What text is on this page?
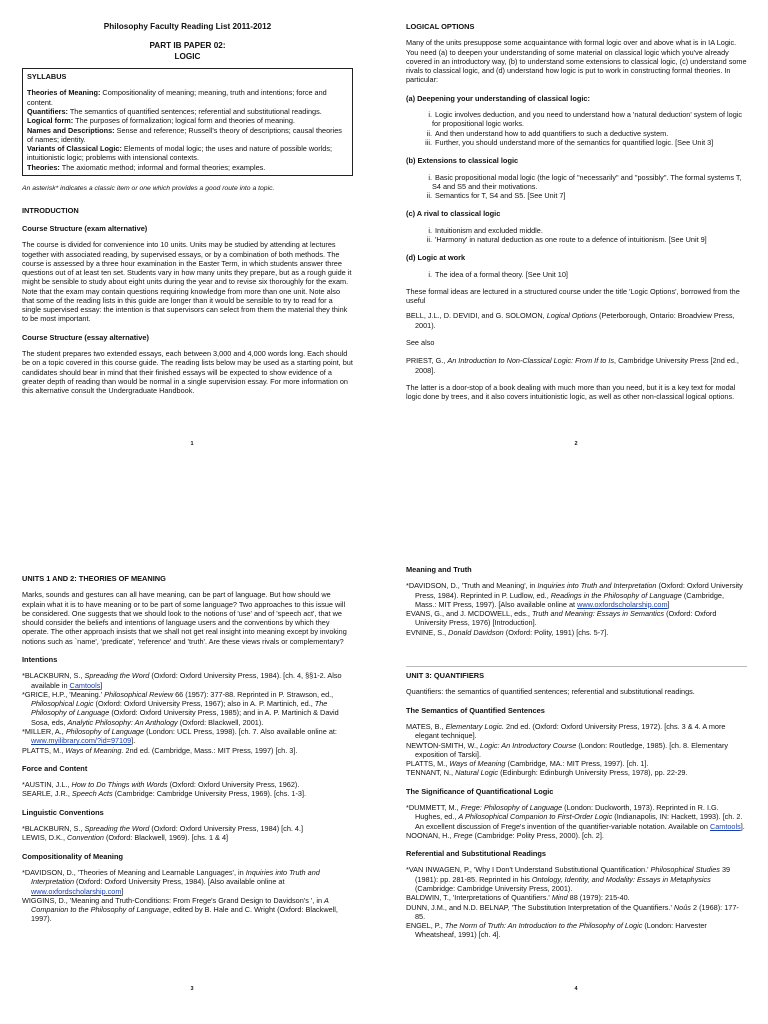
Philosophy Faculty Reading List 2011-2012
PART IB PAPER 02:
LOGIC
SYLLABUS
Theories of Meaning: Compositionality of meaning; meaning, truth and intentions; force and content.
Quantifiers: The semantics of quantified sentences; referential and substitutional readings.
Logical form: The purposes of formalization; logical form and theories of meaning.
Names and Descriptions: Sense and reference; Russell's theory of descriptions; causal theories of names; identity.
Variants of Classical Logic: Elements of modal logic; the uses and nature of possible worlds; intuitionistic logic; problems with intensional contexts.
Theories: The axiomatic method; informal and formal theories; examples.
An asterisk* indicates a classic item or one which provides a good route into a topic.
INTRODUCTION
Course Structure (exam alternative)

The course is divided for convenience into 10 units. Units may be studied by attending at lectures together with associated reading, by supervised essays, or by a combination of both methods. The course is assessed by a three hour examination in the Easter Term, in which students answer three questions out of at least ten set. Students vary in how many units they prepare, but as a rough guide it might be sensible to study about eight units during the year and to revise six thoroughly for the exam. Note that the exam may contain questions requiring knowledge from more than one unit. Note also that some of the reading lists in this guide are longer than it would be sensible to try to read for a single supervised essay: the intention is that supervisors can select from them the material they think to be most important.

Course Structure (essay alternative)

The student prepares two extended essays, each between 3,000 and 4,000 words long. Each should be on a topic covered in this course guide. The reading lists below may be used as a starting point, but candidates should bear in mind that their finished essays will be expected to show evidence of a greater depth of reading than would be normal in a single supervision essay. For more information on this alternative consult the Undergraduate Handbook.

1
LOGICAL OPTIONS

Many of the units presuppose some acquaintance with formal logic over and above what is in IA Logic. You need (a) to deepen your understanding of some material on classical logic which you've already covered in an introductory way, (b) to understand some extensions to classical logic, (c) understand some rivals to classical logic, and (d) understand how logic is put to work in constructing formal theories. In particular:

(a) Deepening your understanding of classical logic:
i. Logic involves deduction, and you need to understand how a 'natural deduction' system of logic for propositional logic works.
ii. And then understand how to add quantifiers to such a deductive system.
iii. Further, you should understand more of the semantics for quantified logic. [See Unit 3]
(b) Extensions to classical logic
i. Basic propositional modal logic (the logic of "necessarily" and "possibly". The formal systems T, S4 and S5 and their motivations.
ii. Semantics for T, S4 and S5. [See Unit 7]
(c) A rival to classical logic
i. Intuitionism and excluded middle.
ii. 'Harmony' in natural deduction as one route to a defence of intuitionism. [See Unit 9]
(d) Logic at work
i. The idea of a formal theory. [See Unit 10]

These formal ideas are lectured in a structured course under the title 'Logic Options', borrowed from the useful

BELL, J.L., D. DEVIDI, and G. SOLOMON, Logical Options (Peterborough, Ontario: Broadview Press, 2001).

See also

PRIEST, G., An Introduction to Non-Classical Logic: From If to Is, Cambridge University Press [2nd ed., 2008].

The latter is a door-stop of a book dealing with much more than you need, but it is a key text for modal logic done by trees, and it also covers intuitionistic logic, as well as other non-classical logical options.

2
UNITS 1 AND 2: THEORIES OF MEANING

Marks, sounds and gestures can all have meaning, can be part of language. But how should we explain what it is to have meaning or to be part of some language? Two approaches to this issue will be considered. One suggests that we should look to the notions of 'use' and of 'speech act', that we should consider the beliefs and intentions of language users and the conventions by which they operate. The other approach insists that we shall not get real insight into meaning except by invoking notions such as `name', 'predicate', 'reference' and 'truth'. Are these views rivals or complementary?

Intentions

*BLACKBURN, S., Spreading the Word (Oxford: Oxford University Press, 1984). [ch. 4, §§1-2. Also available in Camtools]

*GRICE, H.P., 'Meaning.' Philosophical Review 66 (1957): 377-88. Reprinted in P. Strawson, ed., Philosophical Logic (Oxford: Oxford University Press, 1967); also in A. P. Martinich, ed., The Philosophy of Language (Oxford: Oxford University Press, 1985); and in A. P. Martinich & David Sosa, eds, Analytic Philosophy: An Anthology (Oxford: Blackwell, 2001).

*MILLER, A., Philosophy of Language (London: UCL Press, 1998). [ch. 7. Also available online at: www.myilibrary.com/?id=97109].

PLATTS, M., Ways of Meaning. 2nd ed. (Cambridge, Mass.: MIT Press, 1997) [ch. 3].

Force and Content

*AUSTIN, J.L., How to Do Things with Words (Oxford: Oxford University Press, 1962).

SEARLE, J.R., Speech Acts (Cambridge: Cambridge University Press, 1969). [chs. 1-3].

Linguistic Conventions

*BLACKBURN, S., Spreading the Word (Oxford: Oxford University Press, 1984) [ch. 4.]

LEWIS, D.K., Convention (Oxford: Blackwell, 1969). [chs. 1 & 4]

Compositionality of Meaning

*DAVIDSON, D., 'Theories of Meaning and Learnable Languages', in Inquiries into Truth and Interpretation (Oxford: Oxford University Press, 1984). [Also available online at www.oxfordscholarship.com]

WIGGINS, D., 'Meaning and Truth-Conditions: From Frege's Grand Design to Davidson's ', in A Companion to the Philosophy of Language, edited by B. Hale and C. Wright (Oxford: Blackwell, 1997).

3
Meaning and Truth

*DAVIDSON, D., 'Truth and Meaning', in Inquiries into Truth and Interpretation (Oxford: Oxford University Press, 1984). Reprinted in P. Ludlow, ed., Readings in the Philosophy of Language (Cambridge, Mass.: MIT Press, 1997). [Also available online at www.oxfordscholarship.com]

EVANS, G., and J. MCDOWELL, eds., Truth and Meaning: Essays in Semantics (Oxford: Oxford University Press, 1976) [Introduction].

EVNINE, S., Donald Davidson (Oxford: Polity, 1991) [chs. 5-7].

UNIT 3: QUANTIFIERS

Quantifiers: the semantics of quantified sentences; referential and substitutional readings.

The Semantics of Quantified Sentences

MATES, B., Elementary Logic. 2nd ed. (Oxford: Oxford University Press, 1972). [chs. 3 & 4. A more elegant technique].

NEWTON-SMITH, W., Logic: An Introductory Course (London: Routledge, 1985). [ch. 8. Elementary exposition of Tarski].

PLATTS, M., Ways of Meaning (Cambridge, MA.: MIT Press, 1997). [ch. 1].

TENNANT, N., Natural Logic (Edinburgh: Edinburgh University Press, 1978), pp. 22-29.

The Significance of Quantificational Logic

*DUMMETT, M., Frege: Philosophy of Language (London: Duckworth, 1973). Reprinted in R. I.G. Hughes, ed., A Philosophical Companion to First-Order Logic (Indianapolis, IN: Hackett, 1993). [ch. 2. An excellent discussion of Frege's invention of the quantifier-variable notation. Available on Camtools].

NOONAN, H., Frege (Cambridge: Polity Press, 2000). [ch. 2].

Referential and Substitutional Readings

*VAN INWAGEN, P., 'Why I Don't Understand Substitutional Quantification.' Philosophical Studies 39 (1981): pp. 281-85. Reprinted in his Ontology, Identity, and Modality: Essays in Metaphysics (Cambridge: Cambridge University Press, 2001).

BALDWIN, T., 'Interpretations of Quantifiers.' Mind 88 (1979): 215-40.

DUNN, J.M., and N.D. BELNAP, 'The Substitution Interpretation of the Quantifiers.' Noûs 2 (1968): 177-85.

ENGEL, P., The Norm of Truth: An Introduction to the Philosophy of Logic (London: Harvester Wheatsheaf, 1991) [ch. 4].

4
